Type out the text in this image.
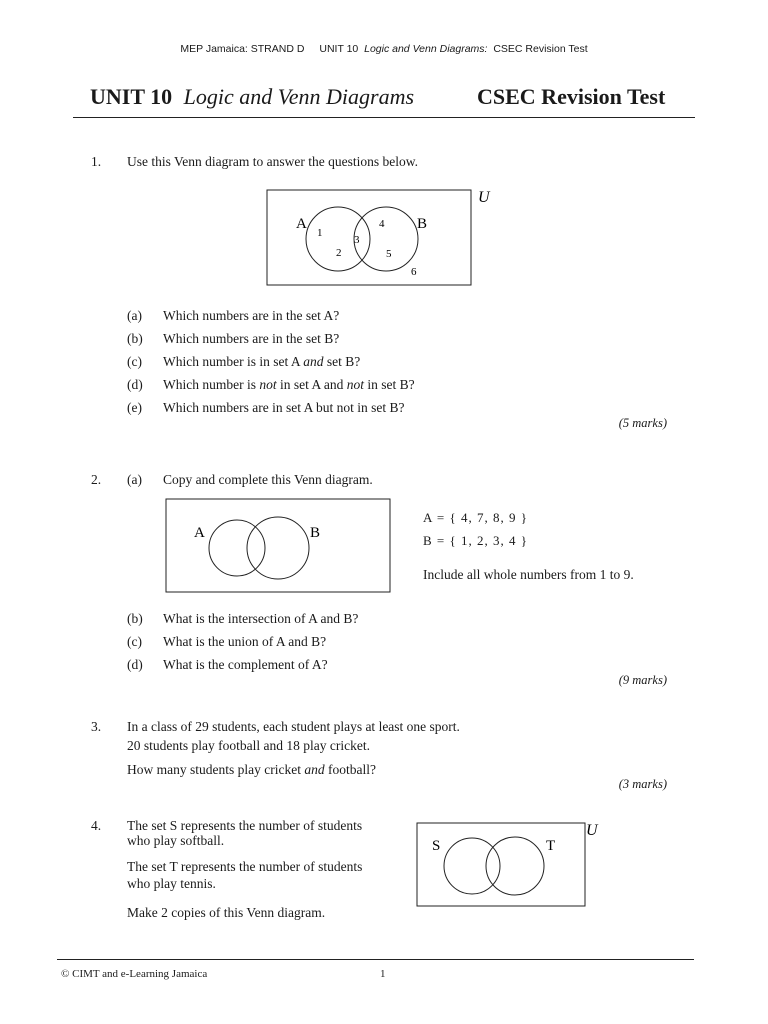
MEP Jamaica: STRAND D UNIT 10 Logic and Venn Diagrams: CSEC Revision Test
UNIT 10 Logic and Venn Diagrams	CSEC Revision Test
1. Use this Venn diagram to answer the questions below.
U
A	B
1
2
3
4
5
6
(a) Which numbers are in the set A?
(b) Which numbers are in the set B?
(c) Which number is in set A and set B?
(d) Which number is not in set A and not in set B?
(e) Which numbers are in set A but not in set B?
(5 marks)
2. (a) Copy and complete this Venn diagram.
A	B
A = { 4, 7, 8, 9 }
B = { 1, 2, 3, 4 }
Include all whole numbers from 1 to 9.
(b) What is the intersection of A and B?
(c) What is the union of A and B?
(d) What is the complement of A?
(9 marks)
3. In a class of 29 students, each student plays at least one sport.
20 students play football and 18 play cricket.
How many students play cricket and football?
(3 marks)
4. The set S represents the number of students
who play softball.
The set T represents the number of students
who play tennis.
Make 2 copies of this Venn diagram.
U
S	T
© CIMT and e-Learning Jamaica	1
